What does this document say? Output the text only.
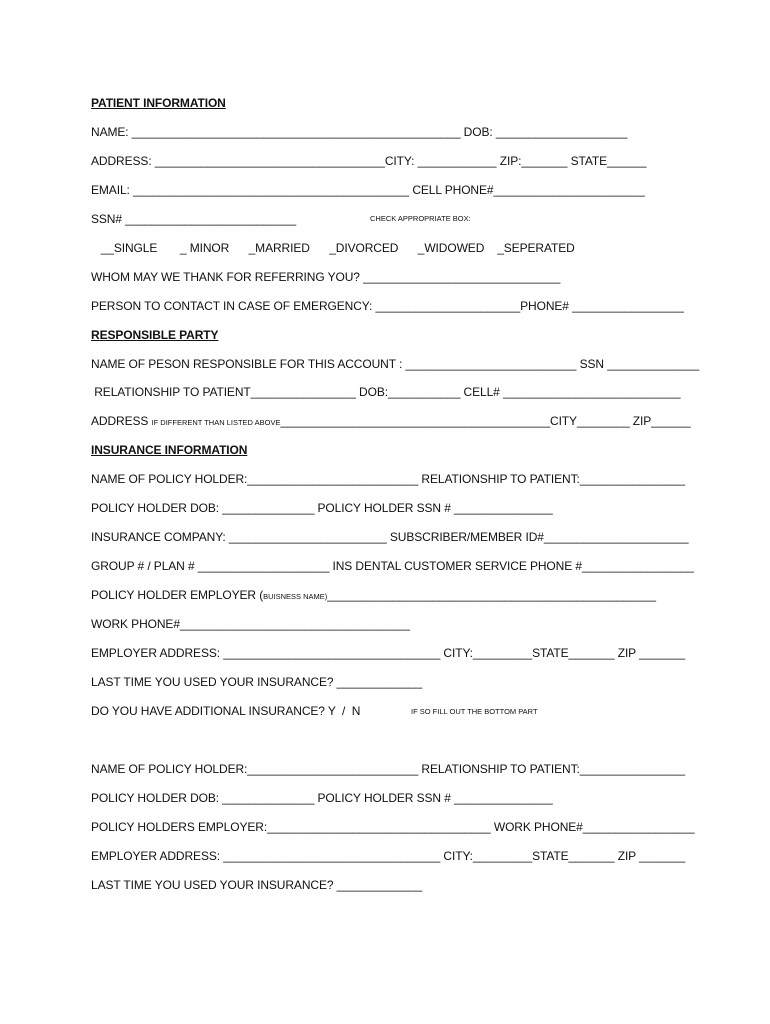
PATIENT INFORMATION
NAME: __________________________________________________ DOB: ____________________
ADDRESS: ___________________________________CITY: ____________ ZIP:_______ STATE______
EMAIL: __________________________________________ CELL PHONE#_______________________
SSN# __________________________	CHECK APPROPRIATE BOX:
__SINGLE       _ MINOR      _MARRIED      _DIVORCED      _WIDOWED    _SEPERATED
WHOM MAY WE THANK FOR REFERRING YOU? ______________________________
PERSON TO CONTACT IN CASE OF EMERGENCY: ______________________PHONE# _________________
RESPONSIBLE PARTY
NAME OF PESON RESPONSIBLE FOR THIS ACCOUNT : __________________________ SSN ______________
RELATIONSHIP TO PATIENT________________ DOB:___________ CELL# ___________________________
ADDRESS IF DIFFERENT THAN LISTED ABOVE_________________________________________CITY________ ZIP______
INSURANCE INFORMATION
NAME OF POLICY HOLDER:__________________________ RELATIONSHIP TO PATIENT:________________
POLICY HOLDER DOB: ______________ POLICY HOLDER SSN # _______________
INSURANCE COMPANY: ________________________ SUBSCRIBER/MEMBER ID#______________________
GROUP # / PLAN # ____________________ INS DENTAL CUSTOMER SERVICE PHONE #_________________
POLICY HOLDER EMPLOYER (BUISNESS NAME)__________________________________________________
WORK PHONE#___________________________________
EMPLOYER ADDRESS: _________________________________ CITY:_________STATE_______ ZIP _______
LAST TIME YOU USED YOUR INSURANCE? _____________
DO YOU HAVE ADDITIONAL INSURANCE? Y  /  N	IF SO FILL OUT THE BOTTOM PART
NAME OF POLICY HOLDER:__________________________ RELATIONSHIP TO PATIENT:________________
POLICY HOLDER DOB: ______________ POLICY HOLDER SSN # _______________
POLICY HOLDERS EMPLOYER:__________________________________ WORK PHONE#_________________
EMPLOYER ADDRESS: _________________________________ CITY:_________STATE_______ ZIP _______
LAST TIME YOU USED YOUR INSURANCE? _____________
